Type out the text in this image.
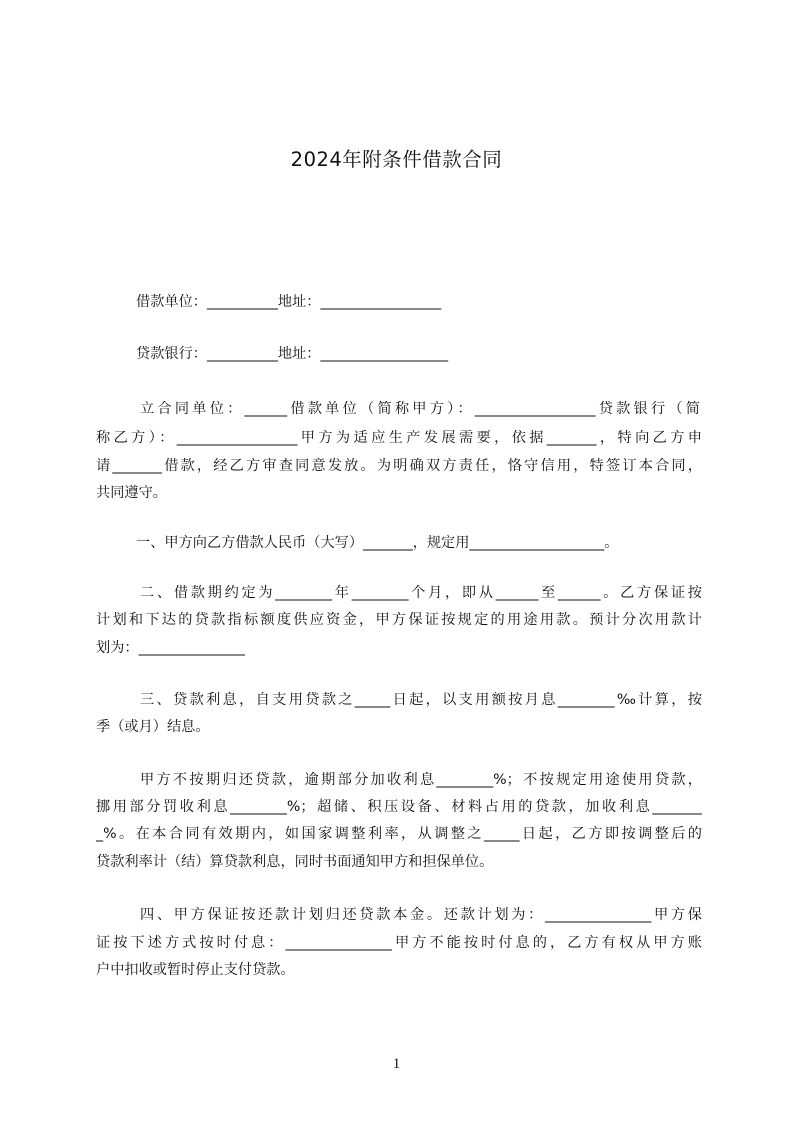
2024年附条件借款合同
借款单位：__________地址：_________________
贷款银行：__________地址：__________________
立合同单位：______借款单位（简称甲方）：_________________贷款银行（简
称乙方）：_________________甲方为适应生产发展需要，依据_______，特向乙方申
请_______借款，经乙方审查同意发放。为明确双方责任，恪守信用，特签订本合同，
共同遵守。
一、甲方向乙方借款人民币（大写）_______，规定用___________________。
二、借款期约定为________年________个月，即从______至______。乙方保证按
计划和下达的贷款指标额度供应资金，甲方保证按规定的用途用款。预计分次用款计
划为：_______________
三、贷款利息，自支用贷款之_____日起，以支用额按月息________‰计算，按
季（或月）结息。
甲方不按期归还贷款，逾期部分加收利息________%；不按规定用途使用贷款，
挪用部分罚收利息________%；超储、积压设备、材料占用的贷款，加收利息_______
_%。在本合同有效期内，如国家调整利率，从调整之_____日起，乙方即按调整后的
贷款利率计（结）算贷款利息，同时书面通知甲方和担保单位。
四、甲方保证按还款计划归还贷款本金。还款计划为：_______________甲方保
证按下述方式按时付息：_______________甲方不能按时付息的，乙方有权从甲方账
户中扣收或暂时停止支付贷款。
1
